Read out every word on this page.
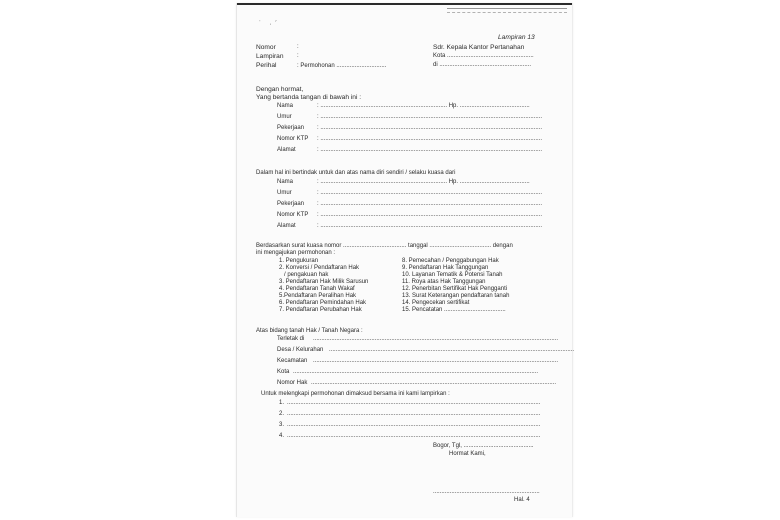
˙ ·ˊ
Lampiran 13
Nomor	:
Lampiran :
Perihal	: Permohonan ..............................
Sdr. Kepala Kantor Pertanahan
Kota ....................................................
di .......................................................
Dengan hormat,
Yang bertanda tangan di bawah ini :
Nama	: ............................................................................ Hp. ..........................................
Umur	: .....................................................................................................................................
Pekerjaan : .....................................................................................................................................
Nomor KTP : .....................................................................................................................................
Alamat	: .....................................................................................................................................
Dalam hal ini bertindak untuk dan atas nama diri sendiri / selaku kuasa dari
Nama	: ............................................................................ Hp. ..........................................
Umur	: .....................................................................................................................................
Pekerjaan : .....................................................................................................................................
Nomor KTP : .....................................................................................................................................
Alamat	: .....................................................................................................................................
Berdasarkan surat kuasa nomor ...................................... tanggal ..................................... dengan
ini mengajukan permohonan :
1. Pengukuran
2. Konversi / Pendaftaran Hak
/ pengakuan hak
3. Pendaftaran Hak Milik Sarusun
4. Pendaftaran Tanah Wakaf
5.Pendaftaran Peralihan Hak
6. Pendaftaran Pemindahan Hak
7. Pendaftaran Perubahan Hak
8. Pemecahan / Penggabungan Hak
9. Pendaftaran Hak Tanggungan
10. Layanan Tematik & Potensi Tanah
11. Roya atas Hak Tanggungan
12. Penerbitan Sertifikat Hak Pengganti
13. Surat Keterangan pendaftaran tanah
14. Pengecekan sertifikat
15. Pencatatan .....................................
Atas bidang tanah Hak / Tanah Negara :
Terletak di ...................................................................................................................................................
Desa / Kelurahan ...................................................................................................................................................
Kecamatan ...................................................................................................................................................
Kota ...................................................................................................................................................
Nomor Hak ...................................................................................................................................................
Untuk melengkapi permohonan dimaksud bersama ini kami lampirkan :
1. ........................................................................................................................................................
2. ........................................................................................................................................................
3. ........................................................................................................................................................
4. ........................................................................................................................................................
Bogor, Tgl, ..........................................
Hormat Kami,
................................................................
Hal. 4
